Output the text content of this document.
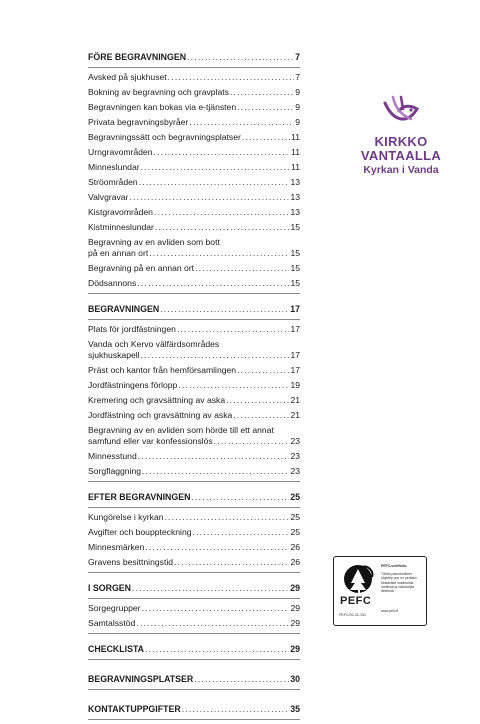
FÖRE BEGRAVNINGEN . . .	7
Avsked på sjukhuset . . .	7
Bokning av begravning och gravplats . . .	9
Begravningen kan bokas via e-tjänsten . . .	9
Privata begravningsbyråer . . .	9
Begravningssätt och begravningsplatser . . .	11
Urngravområden . . .	11
Minneslundar . . .	11
Ströområden . . .	13
Valvgravar . . .	13
Kistgravområden . . .	13
Kistminneslundar . . .	15
Begravning av en avliden som bott
på en annan ort . . .	15
Begravning på en annan ort . . .	15
Dödsannons . . .	15
BEGRAVNINGEN . . .	17
Plats för jordfästningen . . .	17
Vanda och Kervo välfärdsområdes
sjukhuskapell . . .	17
Präst och kantor från hemförsamlingen . . .	17
Jordfästningens förlopp . . .	19
Kremering och gravsättning av aska . . .	21
Jordfästning och gravsättning av aska . . .	21
Begravning av en avliden som hörde till ett annat
samfund eller var konfessionslös . . .	23
Minnesstund . . .	23
Sorgflaggning . . .	23
EFTER BEGRAVNINGEN . . .	25
Kungörelse i kyrkan . . .	25
Avgifter och bouppteckning . . .	25
Minnesmärken . . .	26
Gravens besittningstid . . .	26
I SORGEN . . .	29
Sorgegrupper . . .	29
Samtalsstöd . . .	29
CHECKLISTA . . .	29
BEGRAVNINGSPLATSER . . .	30
KONTAKTUPPGIFTER . . .	35
KIRKKO
VANTAALLA
Kyrkan i Vanda
PEFC
PEFC-sertifioitu
Tähän painotuotteen käytetty puu on peräisin kestävästi hoidetuista metsistä ja valvotuista lähteistä
www.pefc.fi
PEFC/02-31-151
